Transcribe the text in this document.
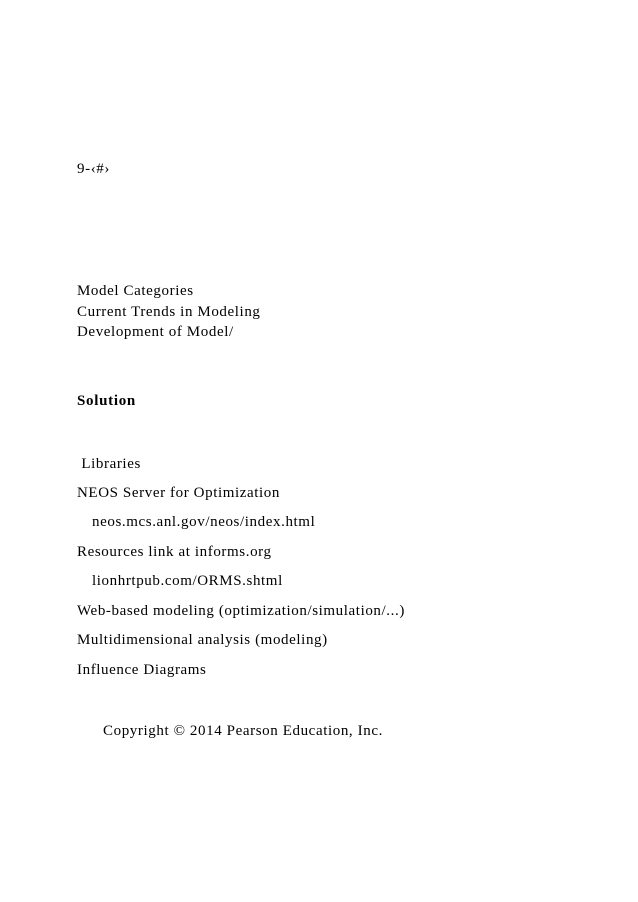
9-‹#›
Model Categories
Current Trends in Modeling
Development of Model/
Solution
Libraries
NEOS Server for Optimization
neos.mcs.anl.gov/neos/index.html
Resources link at informs.org
lionhrtpub.com/ORMS.shtml
Web-based modeling (optimization/simulation/...)
Multidimensional analysis (modeling)
Influence Diagrams
Copyright © 2014 Pearson Education, Inc.
